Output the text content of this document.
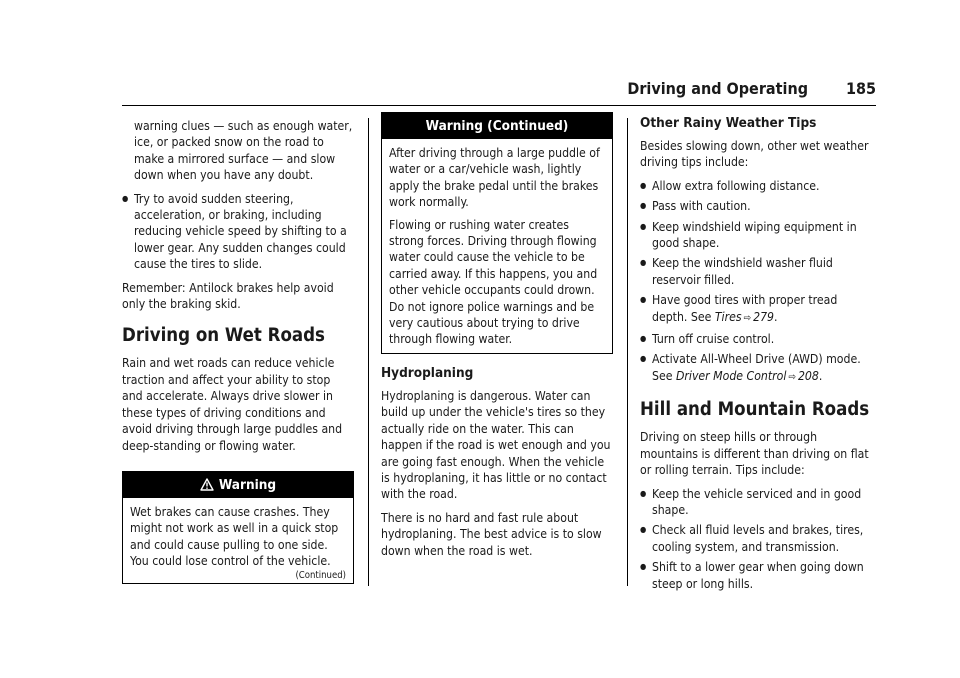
Driving and Operating	185

warning clues — such as enough water, ice, or packed snow on the road to make a mirrored surface — and slow down when you have any doubt.

● Try to avoid sudden steering, acceleration, or braking, including reducing vehicle speed by shifting to a lower gear. Any sudden changes could cause the tires to slide.

Remember: Antilock brakes help avoid only the braking skid.

Driving on Wet Roads

Rain and wet roads can reduce vehicle traction and affect your ability to stop and accelerate. Always drive slower in these types of driving conditions and avoid driving through large puddles and deep-standing or flowing water.

Warning

Wet brakes can cause crashes. They might not work as well in a quick stop and could cause pulling to one side. You could lose control of the vehicle.

(Continued)
Warning (Continued)

After driving through a large puddle of water or a car/vehicle wash, lightly apply the brake pedal until the brakes work normally.

Flowing or rushing water creates strong forces. Driving through flowing water could cause the vehicle to be carried away. If this happens, you and other vehicle occupants could drown. Do not ignore police warnings and be very cautious about trying to drive through flowing water.

Hydroplaning

Hydroplaning is dangerous. Water can build up under the vehicle's tires so they actually ride on the water. This can happen if the road is wet enough and you are going fast enough. When the vehicle is hydroplaning, it has little or no contact with the road.

There is no hard and fast rule about hydroplaning. The best advice is to slow down when the road is wet.

Other Rainy Weather Tips

Besides slowing down, other wet weather driving tips include:

● Allow extra following distance.
● Pass with caution.
● Keep windshield wiping equipment in good shape.
● Keep the windshield washer fluid reservoir filled.
● Have good tires with proper tread depth. See Tires ⇨ 279.
● Turn off cruise control.
● Activate All-Wheel Drive (AWD) mode. See Driver Mode Control ⇨ 208.
Hill and Mountain Roads

Driving on steep hills or through mountains is different than driving on flat or rolling terrain. Tips include:

● Keep the vehicle serviced and in good shape.
● Check all fluid levels and brakes, tires, cooling system, and transmission.
● Shift to a lower gear when going down steep or long hills.
